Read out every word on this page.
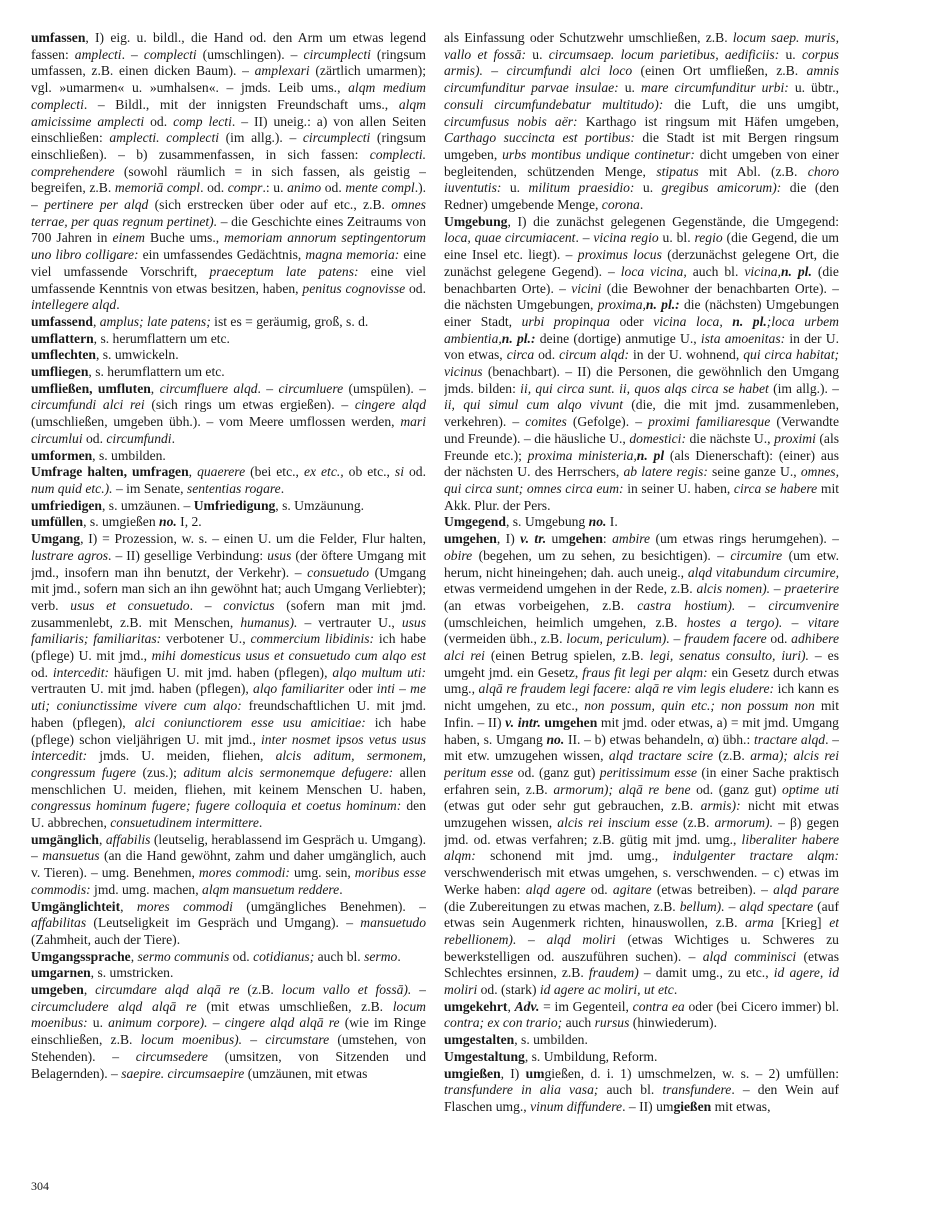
umfassen, I) eig. u. bildl., die Hand od. den Arm um etwas legend fassen: amplecti. – complecti (umschlingen). – circumplecti (ringsum umfassen, z.B. einen dicken Baum). – amplexari (zärtlich umarmen); vgl. »umarmen« u. »umhalsen«. – jmds. Leib ums., alqm medium complecti. – Bildl., mit der innigsten Freundschaft ums., alqm amicissime amplecti od. comp lecti. – II) uneig.: a) von allen Seiten einschließen: amplecti. complecti (im allg.). – circumplecti (ringsum einschließen). – b) zusammenfassen, in sich fassen: complecti. comprehendere (sowohl räumlich = in sich fassen, als geistig – begreifen, z.B. memoriā compl. od. compr.: u. animo od. mente compl.). – pertinere per alqd (sich erstrecken über oder auf etc., z.B. omnes terrae, per quas regnum pertinet). – die Geschichte eines Zeitraums von 700 Jahren in einem Buche ums., memoriam annorum septingentorum uno libro colligare: ein umfassendes Gedächtnis, magna memoria: eine viel umfassende Vorschrift, praeceptum late patens: eine viel umfassende Kenntnis von etwas besitzen, haben, penitus cognovisse od. intellegere alqd.

umfassend, amplus; late patens; ist es = geräumig, groß, s. d.

umflattern, s. herumflattern um etc.

umflechten, s. umwickeln.

umfliegen, s. herumflattern um etc.

umfließen, umfluten, circumfluere alqd. – circumluere (umspülen). – circumfundi alci rei (sich rings um etwas ergießen). – cingere alqd (umschließen, umgeben übh.). – vom Meere umflossen werden, mari circumlui od. circumfundi.

umformen, s. umbilden.

Umfrage halten, umfragen, quaerere (bei etc., ex etc., ob etc., si od. num quid etc.). – im Senate, sententias rogare.

umfriedigen, s. umzäunen. – Umfriedigung, s. Umzäunung.

umfüllen, s. umgießen no. I, 2.

Umgang, I) = Prozession, w. s. – einen U. um die Felder, Flur halten, lustrare agros. – II) gesellige Verbindung: usus (der öftere Umgang mit jmd., insofern man ihn benutzt, der Verkehr). – consuetudo (Umgang mit jmd., sofern man sich an ihn gewöhnt hat; auch Umgang Verliebter); verb. usus et consuetudo. – convictus (sofern man mit jmd. zusammenlebt, z.B. mit Menschen, humanus). – vertrauter U., usus familiaris; familiaritas: verbotener U., commercium libidinis: ich habe (pflege) U. mit jmd., mihi domesticus usus et consuetudo cum alqo est od. intercedit: häufigen U. mit jmd. haben (pflegen), alqo multum uti: vertrauten U. mit jmd. haben (pflegen), alqo familiariter oder inti – me uti; coniunctissime vivere cum alqo: freundschaftlichen U. mit jmd. haben (pflegen), alci coniunctiorem esse usu amicitiae: ich habe (pflege) schon vieljährigen U. mit jmd., inter nosmet ipsos vetus usus intercedit: jmds. U. meiden, fliehen, alcis aditum, sermonem, congressum fugere (zus.); aditum alcis sermonemque defugere: allen menschlichen U. meiden, fliehen, mit keinem Menschen U. haben, congressus hominum fugere; fugere colloquia et coetus hominum: den U. abbrechen, consuetudinem intermittere.

umgänglich, affabilis (leutselig, herablassend im Gespräch u. Umgang). – mansuetus (an die Hand gewöhnt, zahm und daher umgänglich, auch v. Tieren). – umg. Benehmen, mores commodi: umg. sein, moribus esse commodis: jmd. umg. machen, alqm mansuetum reddere.

Umgänglichteit, mores commodi (umgängliches Benehmen). – affabilitas (Leutseligkeit im Gespräch und Umgang). – mansuetudo (Zahmheit, auch der Tiere).

Umgangssprache, sermo communis od. cotidianus; auch bl. sermo.

umgarnen, s. umstricken.

umgeben, circumdare alqd alqā re (z.B. locum vallo et fossā). – circumcludere alqd alqā re (mit etwas umschließen, z.B. locum moenibus: u. animum corpore). – cingere alqd alqā re (wie im Ringe einschließen, z.B. locum moenibus). – circumstare (umstehen, von Stehenden). – circumsedere (umsitzen, von Sitzenden und Belagernden). – saepire. circumsaepire (umzäunen, mit etwas

als Einfassung oder Schutzwehr umschließen, z.B. locum saep. muris, vallo et fossā: u. circumsaep. locum parietibus, aedificiis: u. corpus armis). – circumfundi alci loco (einen Ort umfließen, z.B. amnis circumfunditur parvae insulae: u. mare circumfunditur urbi: u. übtr., consuli circumfundebatur multitudo): die Luft, die uns umgibt, circumfusus nobis aër: Karthago ist ringsum mit Häfen umgeben, Carthago succincta est portibus: die Stadt ist mit Bergen ringsum umgeben, urbs montibus undique continetur: dicht umgeben von einer begleitenden, schützenden Menge, stipatus mit Abl. (z.B. choro iuventutis: u. militum praesidio: u. gregibus amicorum): die (den Redner) umgebende Menge, corona.

Umgebung, I) die zunächst gelegenen Gegenstände, die Umgegend: loca, quae circumiacent. – vicina regio u. bl. regio (die Gegend, die um eine Insel etc. liegt). – proximus locus (derzunächst gelegene Ort, die zunächst gelegene Gegend). – loca vicina, auch bl. vicina,n. pl. (die benachbarten Orte). – vicini (die Bewohner der benachbarten Orte). – die nächsten Umgebungen, proxima,n. pl.: die (nächsten) Umgebungen einer Stadt, urbi propinqua oder vicina loca, n. pl.;loca urbem ambientia,n. pl.: deine (dortige) anmutige U., ista amoenitas: in der U. von etwas, circa od. circum alqd: in der U. wohnend, qui circa habitat; vicinus (benachbart). – II) die Personen, die gewöhnlich den Umgang jmds. bilden: ii, qui circa sunt. ii, quos alqs circa se habet (im allg.). – ii, qui simul cum alqo vivunt (die, die mit jmd. zusammenleben, verkehren). – comites (Gefolge). – proximi familiaresque (Verwandte und Freunde). – die häusliche U., domestici: die nächste U., proximi (als Freunde etc.); proxima ministeria,n. pl (als Dienerschaft): (einer) aus der nächsten U. des Herrschers, ab latere regis: seine ganze U., omnes, qui circa sunt; omnes circa eum: in seiner U. haben, circa se habere mit Akk. Plur. der Pers.

Umgegend, s. Umgebung no. I.

umgehen, I) v. tr. umgehen: ambire (um etwas rings herumgehen). – obire (begehen, um zu sehen, zu besichtigen). – circumire (um etw. herum, nicht hineingehen; dah. auch uneig., alqd vitabundum circumire, etwas vermeidend umgehen in der Rede, z.B. alcis nomen). – praeterire (an etwas vorbeigehen, z.B. castra hostium). – circumvenire (umschleichen, heimlich umgehen, z.B. hostes a tergo). – vitare (vermeiden übh., z.B. locum, periculum). – fraudem facere od. adhibere alci rei (einen Betrug spielen, z.B. legi, senatus consulto, iuri). – es umgeht jmd. ein Gesetz, fraus fit legi per alqm: ein Gesetz durch etwas umg., alqā re fraudem legi facere: alqā re vim legis eludere: ich kann es nicht umgehen, zu etc., non possum, quin etc.; non possum non mit Infin. – II) v. intr. umgehen mit jmd. oder etwas, a) = mit jmd. Umgang haben, s. Umgang no. II. – b) etwas behandeln, α) übh.: tractare alqd. – mit etw. umzugehen wissen, alqd tractare scire (z.B. arma); alcis rei peritum esse od. (ganz gut) peritissimum esse (in einer Sache praktisch erfahren sein, z.B. armorum); alqā re bene od. (ganz gut) optime uti (etwas gut oder sehr gut gebrauchen, z.B. armis): nicht mit etwas umzugehen wissen, alcis rei inscium esse (z.B. armorum). – β) gegen jmd. od. etwas verfahren; z.B. gütig mit jmd. umg., liberaliter habere alqm: schonend mit jmd. umg., indulgenter tractare alqm: verschwenderisch mit etwas umgehen, s. verschwenden. – c) etwas im Werke haben: alqd agere od. agitare (etwas betreiben). – alqd parare (die Zubereitungen zu etwas machen, z.B. bellum). – alqd spectare (auf etwas sein Augenmerk richten, hinauswollen, z.B. arma [Krieg] et rebellionem). – alqd moliri (etwas Wichtiges u. Schweres zu bewerkstelligen od. auszuführen suchen). – alqd comminisci (etwas Schlechtes ersinnen, z.B. fraudem) – damit umg., zu etc., id agere, id moliri od. (stark) id agere ac moliri, ut etc.

umgekehrt, Adv. = im Gegenteil, contra ea oder (bei Cicero immer) bl. contra; ex con trario; auch rursus (hinwiederum).

umgestalten, s. umbilden.

Umgestaltung, s. Umbildung, Reform.

umgießen, I) umgießen, d. i. 1) umschmelzen, w. s. – 2) umfüllen: transfundere in alia vasa; auch bl. transfundere. – den Wein auf Flaschen umg., vinum diffundere. – II) umgießen mit etwas,

304
